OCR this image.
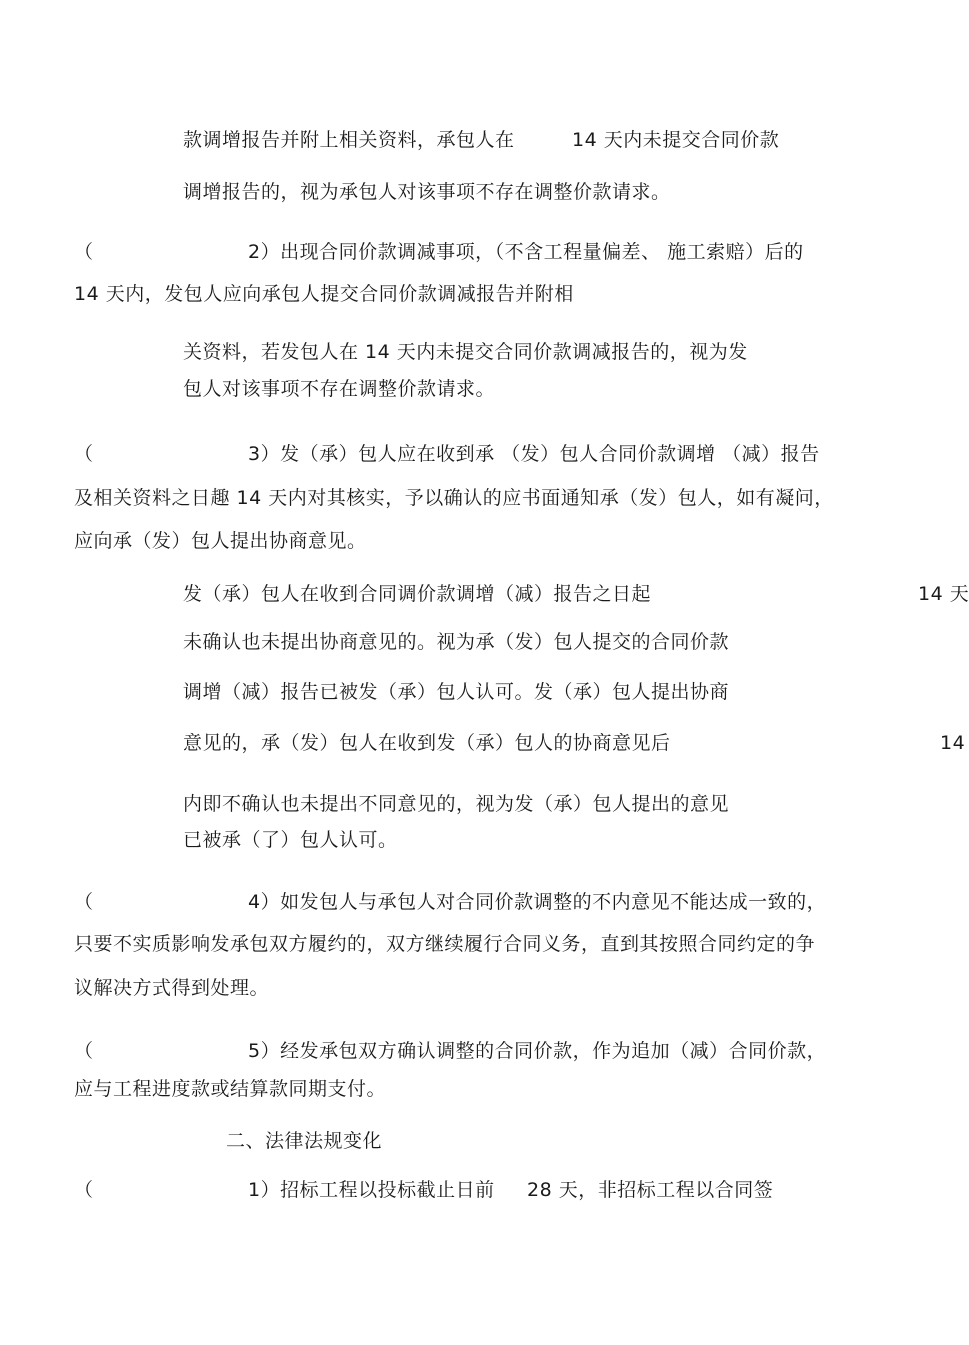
款调增报告并附上相关资料，承包人在	14 天内未提交合同价款
调增报告的，视为承包人对该事项不存在调整价款请求。
（	2）出现合同价款调减事项，（不含工程量偏差、 施工索赔）后的
14 天内，发包人应向承包人提交合同价款调减报告并附相
关资料，若发包人在 14 天内未提交合同价款调减报告的，视为发
包人对该事项不存在调整价款请求。
（	3）发（承）包人应在收到承 （发）包人合同价款调增 （减）报告
及相关资料之日趣 14 天内对其核实，予以确认的应书面通知承（发）包人，如有凝问，
应向承（发）包人提出协商意见。
发（承）包人在收到合同调价款调增（减）报告之日起	14 天
未确认也未提出协商意见的。视为承（发）包人提交的合同价款
调增（减）报告已被发（承）包人认可。发（承）包人提出协商
意见的，承（发）包人在收到发（承）包人的协商意见后	14
内即不确认也未提出不同意见的，视为发（承）包人提出的意见
已被承（了）包人认可。
（	4）如发包人与承包人对合同价款调整的不内意见不能达成一致的，
只要不实质影响发承包双方履约的，双方继续履行合同义务，直到其按照合同约定的争
议解决方式得到处理。
（	5）经发承包双方确认调整的合同价款，作为追加（减）合同价款，
应与工程进度款或结算款同期支付。
二、法律法规变化
（	1）招标工程以投标截止日前 28 天，非招标工程以合同签
